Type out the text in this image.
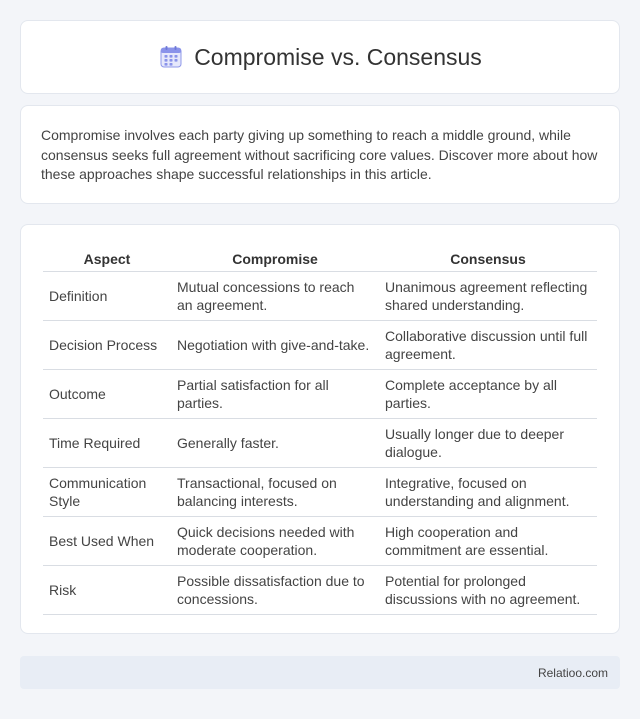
Compromise vs. Consensus

Compromise involves each party giving up something to reach a middle ground, while consensus seeks full agreement without sacrificing core values. Discover more about how these approaches shape successful relationships in this article.

Aspect	Compromise	Consensus
Definition	Mutual concessions to reach an agreement.	Unanimous agreement reflecting shared understanding.
Decision Process	Negotiation with give-and-take.	Collaborative discussion until full agreement.
Outcome	Partial satisfaction for all parties.	Complete acceptance by all parties.
Time Required	Generally faster.	Usually longer due to deeper dialogue.
Communication Style	Transactional, focused on balancing interests.	Integrative, focused on understanding and alignment.
Best Used When	Quick decisions needed with moderate cooperation.	High cooperation and commitment are essential.
Risk	Possible dissatisfaction due to concessions.	Potential for prolonged discussions with no agreement.
Relatioo.com
